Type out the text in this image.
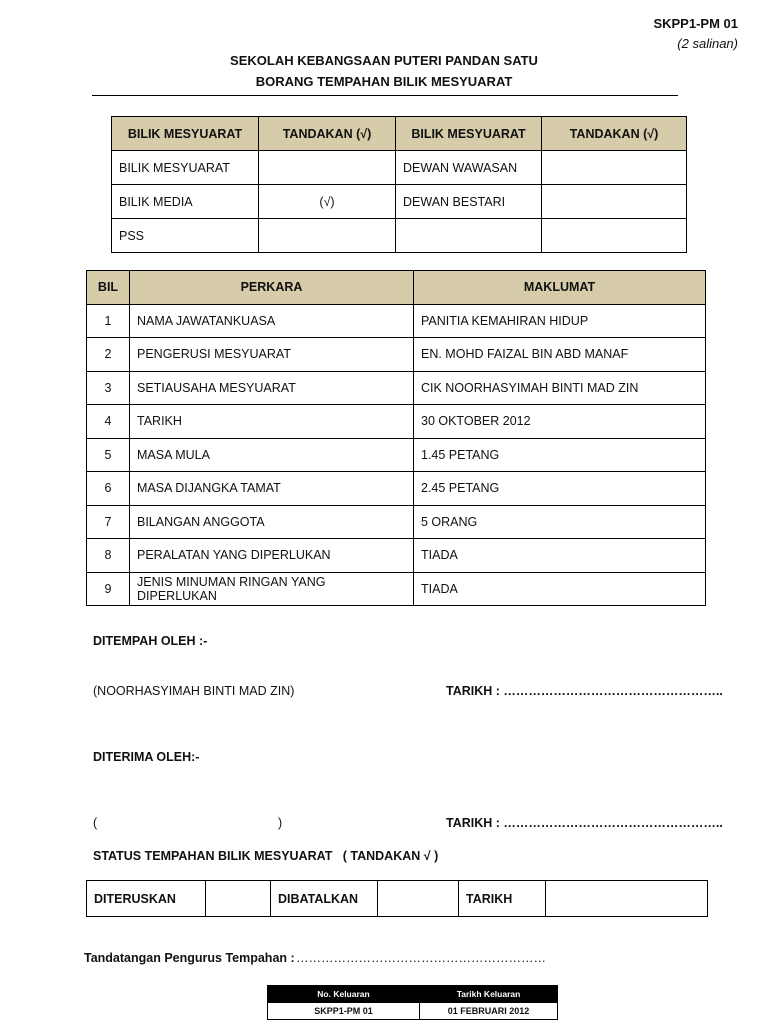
SKPP1-PM 01
(2 salinan)
SEKOLAH KEBANGSAAN PUTERI PANDAN SATU
BORANG TEMPAHAN BILIK MESYUARAT
BILIK MESYUARAT	TANDAKAN (√)	BILIK MESYUARAT	TANDAKAN (√)
BILIK MESYUARAT		DEWAN WAWASAN	
BILIK MEDIA	(√)	DEWAN BESTARI	
PSS			
BIL	PERKARA	MAKLUMAT
1	NAMA JAWATANKUASA	PANITIA KEMAHIRAN HIDUP
2	PENGERUSI MESYUARAT	EN. MOHD FAIZAL BIN ABD MANAF
3	SETIAUSAHA MESYUARAT	CIK NOORHASYIMAH BINTI MAD ZIN
4	TARIKH	30 OKTOBER 2012
5	MASA MULA	1.45 PETANG
6	MASA DIJANGKA TAMAT	2.45 PETANG
7	BILANGAN ANGGOTA	5 ORANG
8	PERALATAN YANG DIPERLUKAN	TIADA
9	JENIS MINUMAN RINGAN YANG DIPERLUKAN	TIADA
DITEMPAH OLEH :-
(NOORHASYIMAH BINTI MAD ZIN)	TARIKH : ……………………………………………..
DITERIMA OLEH:-
(	)	TARIKH : ……………………………………………..
STATUS TEMPAHAN BILIK MESYUARAT   ( TANDAKAN √ )
DITERUSKAN		DIBATALKAN		TARIKH	
Tandatangan Pengurus Tempahan : ……………………………………………………
No. Keluaran	Tarikh Keluaran
SKPP1-PM 01	01 FEBRUARI 2012
